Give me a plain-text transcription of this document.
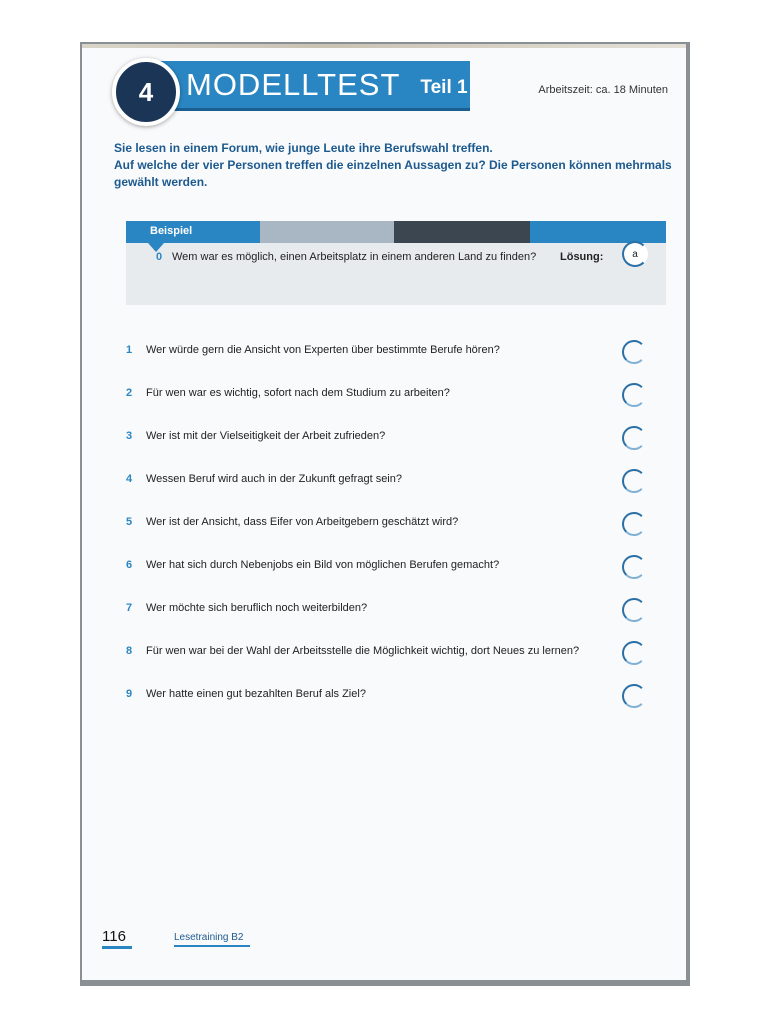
4 MODELLTEST Teil 1	Arbeitszeit: ca. 18 Minuten

Sie lesen in einem Forum, wie junge Leute ihre Berufswahl treffen.

Auf welche der vier Personen treffen die einzelnen Aussagen zu? Die Personen können mehrmals gewählt werden.

Beispiel
0 Wem war es möglich, einen Arbeitsplatz in einem anderen Land zu finden? Lösung:	a
1	Wer würde gern die Ansicht von Experten über bestimmte Berufe hören?
2	Für wen war es wichtig, sofort nach dem Studium zu arbeiten?
3	Wer ist mit der Vielseitigkeit der Arbeit zufrieden?
4	Wessen Beruf wird auch in der Zukunft gefragt sein?
5	Wer ist der Ansicht, dass Eifer von Arbeitgebern geschätzt wird?
6	Wer hat sich durch Nebenjobs ein Bild von möglichen Berufen gemacht?
7	Wer möchte sich beruflich noch weiterbilden?
8	Für wen war bei der Wahl der Arbeitsstelle die Möglichkeit wichtig, dort Neues zu lernen?
9	Wer hatte einen gut bezahlten Beruf als Ziel?
116	Lesetraining B2
